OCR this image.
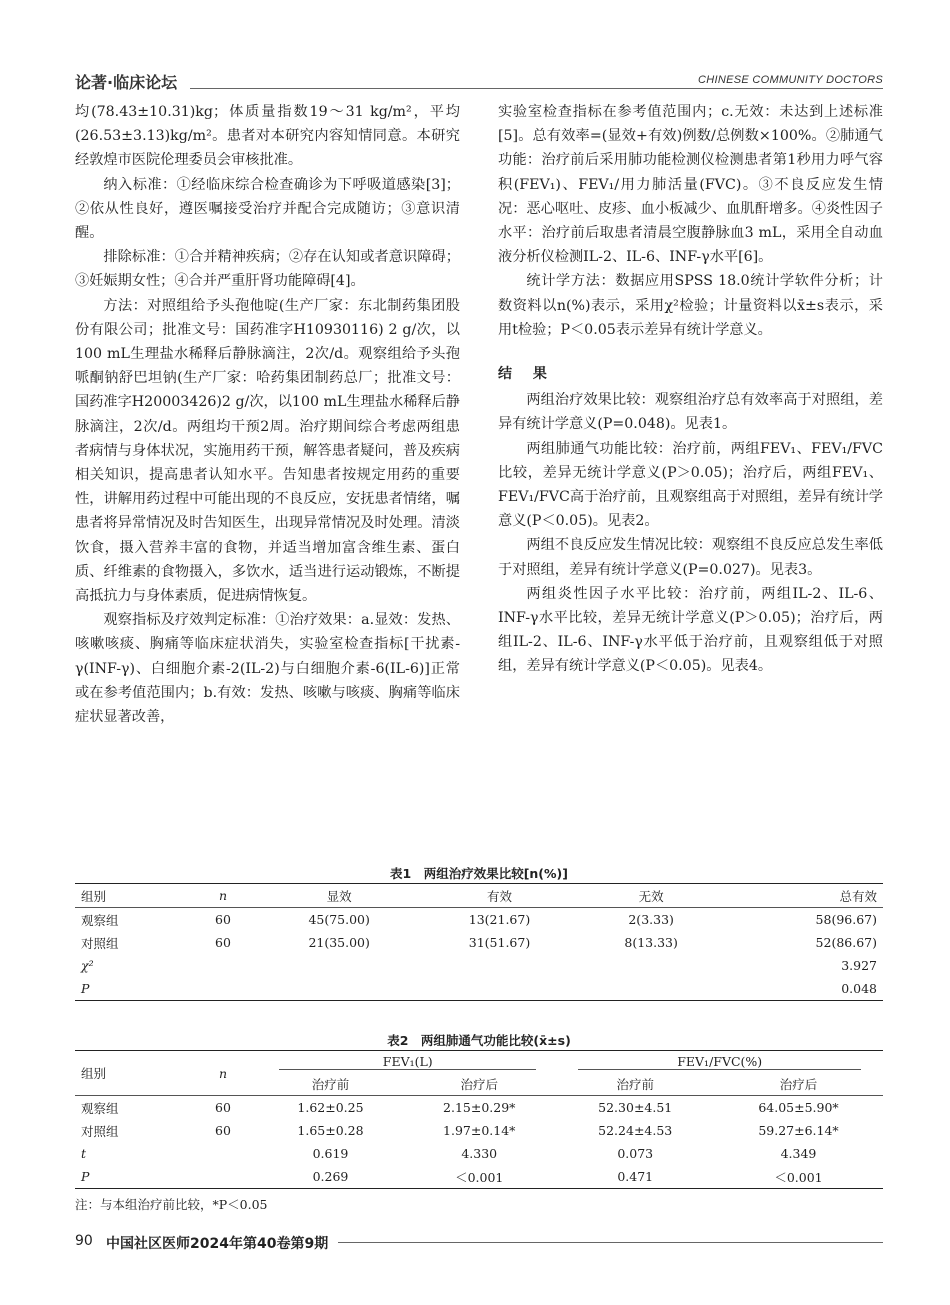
论著·临床论坛	CHINESE COMMUNITY DOCTORS

均(78.43±10.31)kg；体质量指数19～31 kg/m²，平均(26.53±3.13)kg/m²。患者对本研究内容知情同意。本研究经敦煌市医院伦理委员会审核批准。

纳入标准：①经临床综合检查确诊为下呼吸道感染[3]；②依从性良好，遵医嘱接受治疗并配合完成随访；③意识清醒。

排除标准：①合并精神疾病；②存在认知或者意识障碍；③妊娠期女性；④合并严重肝肾功能障碍[4]。

方法：对照组给予头孢他啶(生产厂家：东北制药集团股份有限公司；批准文号：国药准字H10930116) 2 g/次，以100 mL生理盐水稀释后静脉滴注，2次/d。观察组给予头孢哌酮钠舒巴坦钠(生产厂家：哈药集团制药总厂；批准文号：国药准字H20003426)2 g/次，以100 mL生理盐水稀释后静脉滴注，2次/d。两组均干预2周。治疗期间综合考虑两组患者病情与身体状况，实施用药干预，解答患者疑问，普及疾病相关知识，提高患者认知水平。告知患者按规定用药的重要性，讲解用药过程中可能出现的不良反应，安抚患者情绪，嘱患者将异常情况及时告知医生，出现异常情况及时处理。清淡饮食，摄入营养丰富的食物，并适当增加富含维生素、蛋白质、纤维素的食物摄入，多饮水，适当进行运动锻炼，不断提高抵抗力与身体素质，促进病情恢复。

观察指标及疗效判定标准：①治疗效果：a.显效：发热、咳嗽咳痰、胸痛等临床症状消失，实验室检查指标[干扰素-γ(INF-γ)、白细胞介素-2(IL-2)与白细胞介素-6(IL-6)]正常或在参考值范围内；b.有效：发热、咳嗽与咳痰、胸痛等临床症状显著改善，

实验室检查指标在参考值范围内；c.无效：未达到上述标准[5]。总有效率=(显效+有效)例数/总例数×100%。②肺通气功能：治疗前后采用肺功能检测仪检测患者第1秒用力呼气容积(FEV₁)、FEV₁/用力肺活量(FVC)。③不良反应发生情况：恶心呕吐、皮疹、血小板减少、血肌酐增多。④炎性因子水平：治疗前后取患者清晨空腹静脉血3 mL，采用全自动血液分析仪检测IL-2、IL-6、INF-γ水平[6]。

统计学方法：数据应用SPSS 18.0统计学软件分析；计数资料以n(%)表示，采用χ²检验；计量资料以x̄±s表示，采用t检验；P＜0.05表示差异有统计学意义。

结 果

两组治疗效果比较：观察组治疗总有效率高于对照组，差异有统计学意义(P=0.048)。见表1。

两组肺通气功能比较：治疗前，两组FEV₁、FEV₁/FVC比较，差异无统计学意义(P＞0.05)；治疗后，两组FEV₁、FEV₁/FVC高于治疗前，且观察组高于对照组，差异有统计学意义(P＜0.05)。见表2。

两组不良反应发生情况比较：观察组不良反应总发生率低于对照组，差异有统计学意义(P=0.027)。见表3。

两组炎性因子水平比较：治疗前，两组IL-2、IL-6、INF-γ水平比较，差异无统计学意义(P＞0.05)；治疗后，两组IL-2、IL-6、INF-γ水平低于治疗前，且观察组低于对照组，差异有统计学意义(P＜0.05)。见表4。

表1　两组治疗效果比较[n(%)]
组别	n	显效	有效	无效	总有效
观察组	60	45(75.00)	13(21.67)	2(3.33)	58(96.67)
对照组	60	21(35.00)	31(51.67)	8(13.33)	52(86.67)
χ²					3.927
P					0.048
表2　两组肺通气功能比较(x̄±s)
组别	n	FEV₁(L)		FEV₁/FVC(%)	
		治疗前	治疗后	治疗前	治疗后
观察组	60	1.62±0.25	2.15±0.29*	52.30±4.51	64.05±5.90*
对照组	60	1.65±0.28	1.97±0.14*	52.24±4.53	59.27±6.14*
t		0.619	4.330	0.073	4.349
P		0.269	＜0.001	0.471	＜0.001
注：与本组治疗前比较，*P＜0.05
90 中国社区医师2024年第40卷第9期
